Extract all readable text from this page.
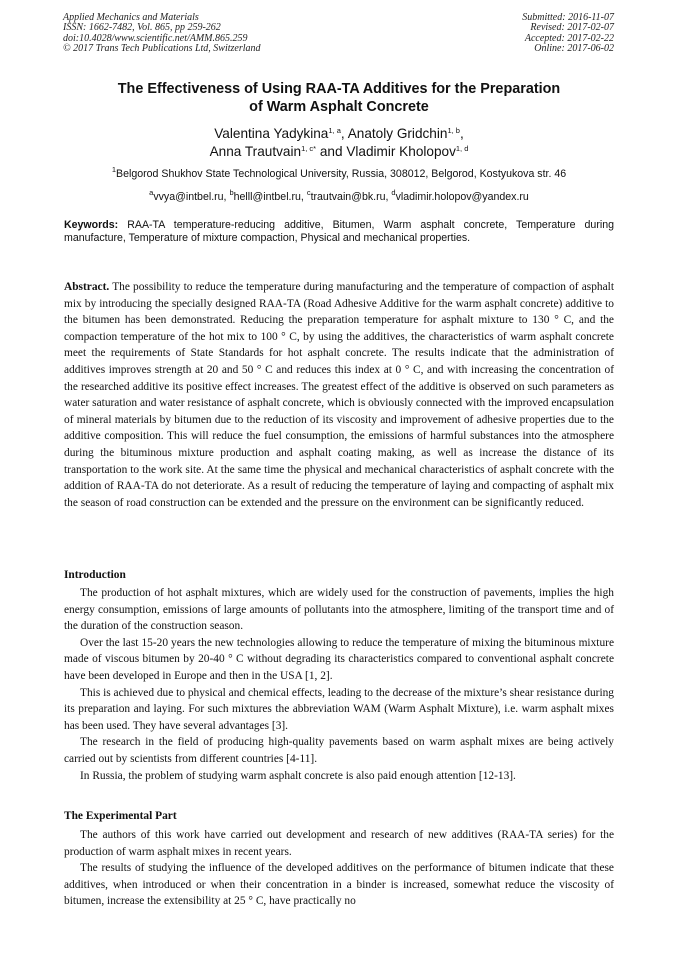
Applied Mechanics and Materials
ISSN: 1662-7482, Vol. 865, pp 259-262
doi:10.4028/www.scientific.net/AMM.865.259
© 2017 Trans Tech Publications Ltd, Switzerland
Submitted: 2016-11-07
Revised: 2017-02-07
Accepted: 2017-02-22
Online: 2017-06-02
The Effectiveness of Using RAA-TA Additives for the Preparation
of Warm Asphalt Concrete
Valentina Yadykina$^{1, a}$, Anatoly Gridchin$^{1, b}$,
Anna Trautvain$^{1, c*}$ and Vladimir Kholopov$^{1, d}$
$^1$Belgorod Shukhov State Technological University, Russia, 308012, Belgorod, Kostyukova str. 46
$^a$vvya@intbel.ru, $^b$helll@intbel.ru, $^c$trautvain@bk.ru, $^d$vladimir.holopov@yandex.ru
Keywords: RAA-TA temperature-reducing additive, Bitumen, Warm asphalt concrete, Temperature during manufacture, Temperature of mixture compaction, Physical and mechanical properties.
Abstract. The possibility to reduce the temperature during manufacturing and the temperature of compaction of asphalt mix by introducing the specially designed RAA-TA (Road Adhesive Additive for the warm asphalt concrete) additive to the bitumen has been demonstrated. Reducing the preparation temperature for asphalt mixture to 130 ° C, and the compaction temperature of the hot mix to 100 ° C, by using the additives, the characteristics of warm asphalt concrete meet the requirements of State Standards for hot asphalt concrete. The results indicate that the administration of additives improves strength at 20 and 50 ° C and reduces this index at 0 ° C, and with increasing the concentration of the researched additive its positive effect increases. The greatest effect of the additive is observed on such parameters as water saturation and water resistance of asphalt concrete, which is obviously connected with the improved encapsulation of mineral materials by bitumen due to the reduction of its viscosity and improvement of adhesive properties due to the additive composition. This will reduce the fuel consumption, the emissions of harmful substances into the atmosphere during the bituminous mixture production and asphalt coating making, as well as increase the distance of its transportation to the work site. At the same time the physical and mechanical characteristics of asphalt concrete with the addition of RAA-TA do not deteriorate. As a result of reducing the temperature of laying and compacting of asphalt mix the season of road construction can be extended and the pressure on the environment can be significantly reduced.
Introduction

The production of hot asphalt mixtures, which are widely used for the construction of pavements, implies the high energy consumption, emissions of large amounts of pollutants into the atmosphere, limiting of the transport time and of the duration of the construction season.

Over the last 15-20 years the new technologies allowing to reduce the temperature of mixing the bituminous mixture made of viscous bitumen by 20-40 ° C without degrading its characteristics compared to conventional asphalt concrete have been developed in Europe and then in the USA [1, 2].

This is achieved due to physical and chemical effects, leading to the decrease of the mixture’s shear resistance during its preparation and laying. For such mixtures the abbreviation WAM (Warm Asphalt Mixture), i.e. warm asphalt mixes has been used. They have several advantages [3].

The research in the field of producing high-quality pavements based on warm asphalt mixes are being actively carried out by scientists from different countries [4-11].

In Russia, the problem of studying warm asphalt concrete is also paid enough attention [12-13].

The Experimental Part

The authors of this work have carried out development and research of new additives (RAA-TA series) for the production of warm asphalt mixes in recent years.

The results of studying the influence of the developed additives on the performance of bitumen indicate that these additives, when introduced or when their concentration in a binder is increased, somewhat reduce the viscosity of bitumen, increase the extensibility at 25 ° C, have practically no
